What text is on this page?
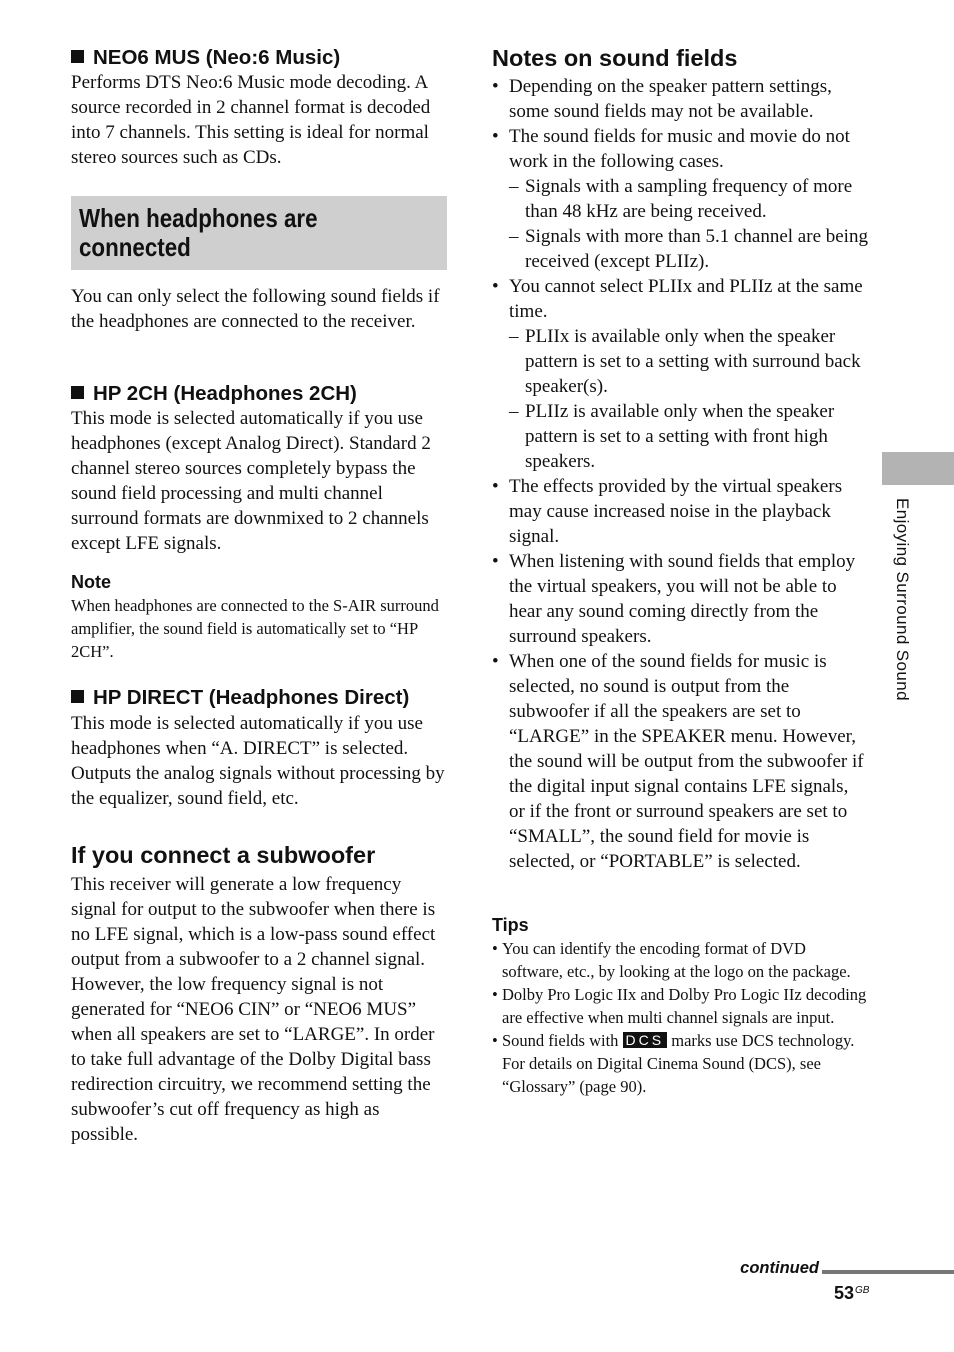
NEO6 MUS (Neo:6 Music)

Performs DTS Neo:6 Music mode decoding. A source recorded in 2 channel format is decoded into 7 channels. This setting is ideal for normal stereo sources such as CDs.

When headphones are
connected

You can only select the following sound fields if the headphones are connected to the receiver.

HP 2CH (Headphones 2CH)

This mode is selected automatically if you use headphones (except Analog Direct). Standard 2 channel stereo sources completely bypass the sound field processing and multi channel surround formats are downmixed to 2 channels except LFE signals.

Note

When headphones are connected to the S-AIR surround amplifier, the sound field is automatically set to “HP 2CH”.

HP DIRECT (Headphones Direct)

This mode is selected automatically if you use headphones when “A. DIRECT” is selected. Outputs the analog signals without processing by the equalizer, sound field, etc.

If you connect a subwoofer

This receiver will generate a low frequency signal for output to the subwoofer when there is no LFE signal, which is a low-pass sound effect output from a subwoofer to a 2 channel signal. However, the low frequency signal is not generated for “NEO6 CIN” or “NEO6 MUS” when all speakers are set to “LARGE”. In order to take full advantage of the Dolby Digital bass redirection circuitry, we recommend setting the subwoofer’s cut off frequency as high as possible.

Notes on sound fields
• Depending on the speaker pattern settings, some sound fields may not be available.
• The sound fields for music and movie do not work in the following cases.
– Signals with a sampling frequency of more than 48 kHz are being received.
– Signals with more than 5.1 channel are being received (except PLIIz).
• You cannot select PLIIx and PLIIz at the same time.
– PLIIx is available only when the speaker pattern is set to a setting with surround back speaker(s).
– PLIIz is available only when the speaker pattern is set to a setting with front high speakers.
• The effects provided by the virtual speakers may cause increased noise in the playback signal.
• When listening with sound fields that employ the virtual speakers, you will not be able to hear any sound coming directly from the surround speakers.
• When one of the sound fields for music is selected, no sound is output from the subwoofer if all the speakers are set to “LARGE” in the SPEAKER menu. However, the sound will be output from the subwoofer if the digital input signal contains LFE signals, or if the front or surround speakers are set to “SMALL”, the sound field for movie is selected, or “PORTABLE” is selected.
Tips
• You can identify the encoding format of DVD software, etc., by looking at the logo on the package.
• Dolby Pro Logic IIx and Dolby Pro Logic IIz decoding are effective when multi channel signals are input.
• Sound fields with DCS marks use DCS technology. For details on Digital Cinema Sound (DCS), see “Glossary” (page 90).
Enjoying Surround Sound
continued
$53^{GB}$
